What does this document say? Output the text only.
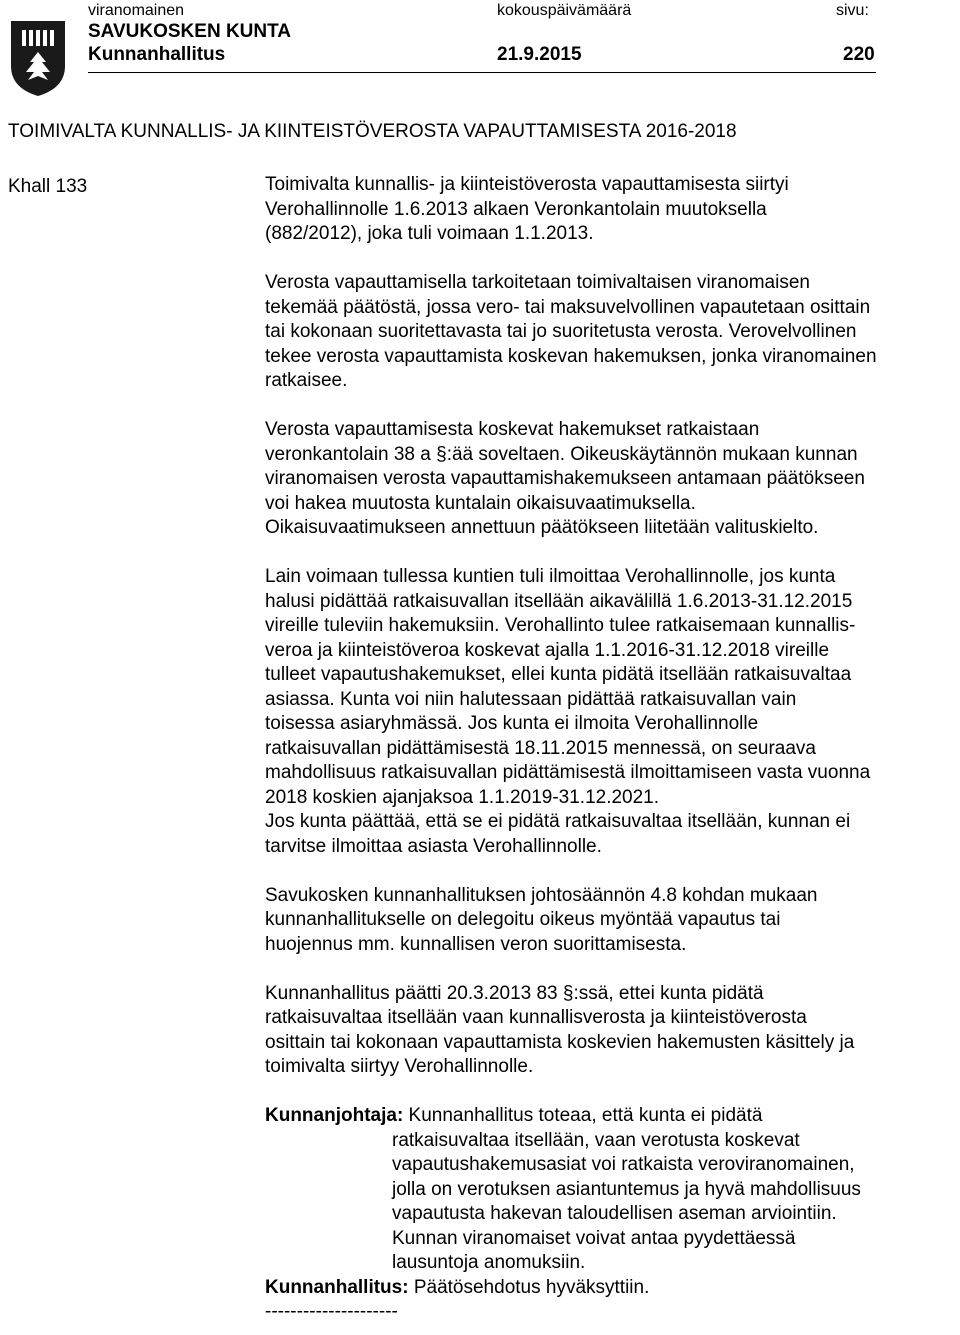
viranomainen	kokouspäivämäärä	sivu:
SAVUKOSKEN KUNTA
Kunnanhallitus	21.9.2015	220
TOIMIVALTA KUNNALLIS- JA KIINTEISTÖVEROSTA VAPAUTTAMISESTA 2016-2018
Khall 133	Toimivalta kunnallis- ja kiinteistöverosta vapauttamisesta siirtyi
Verohallinnolle 1.6.2013 alkaen Veronkantolain muutoksella
(882/2012), joka tuli voimaan 1.1.2013.

Verosta vapauttamisella tarkoitetaan toimivaltaisen viranomaisen
tekemää päätöstä, jossa vero- tai maksuvelvollinen vapautetaan osittain
tai kokonaan suoritettavasta tai jo suoritetusta verosta. Verovelvollinen
tekee verosta vapauttamista koskevan hakemuksen, jonka viranomainen
ratkaisee.

Verosta vapauttamisesta koskevat hakemukset ratkaistaan
veronkantolain 38 a §:ää soveltaen. Oikeuskäytännön mukaan kunnan
viranomaisen verosta vapauttamishakemukseen antamaan päätökseen
voi hakea muutosta kuntalain oikaisuvaatimuksella.
Oikaisuvaatimukseen annettuun päätökseen liitetään valituskielto.

Lain voimaan tullessa kuntien tuli ilmoittaa Verohallinnolle, jos kunta
halusi pidättää ratkaisuvallan itsellään aikavälillä 1.6.2013-31.12.2015
vireille tuleviin hakemuksiin. Verohallinto tulee ratkaisemaan kunnallis-
veroa ja kiinteistöveroa koskevat ajalla 1.1.2016-31.12.2018 vireille
tulleet vapautushakemukset, ellei kunta pidätä itsellään ratkaisuvaltaa
asiassa. Kunta voi niin halutessaan pidättää ratkaisuvallan vain
toisessa asiaryhmässä. Jos kunta ei ilmoita Verohallinnolle
ratkaisuvallan pidättämisestä 18.11.2015 mennessä, on seuraava
mahdollisuus ratkaisuvallan pidättämisestä ilmoittamiseen vasta vuonna
2018 koskien ajanjaksoa 1.1.2019-31.12.2021.
Jos kunta päättää, että se ei pidätä ratkaisuvaltaa itsellään, kunnan ei
tarvitse ilmoittaa asiasta Verohallinnolle.

Savukosken kunnanhallituksen johtosäännön 4.8 kohdan mukaan
kunnanhallitukselle on delegoitu oikeus myöntää vapautus tai
huojennus mm. kunnallisen veron suorittamisesta.

Kunnanhallitus päätti 20.3.2013 83 §:ssä, ettei kunta pidätä
ratkaisuvaltaa itsellään vaan kunnallisverosta ja kiinteistöverosta
osittain tai kokonaan vapauttamista koskevien hakemusten käsittely ja
toimivalta siirtyy Verohallinnolle.

Kunnanjohtaja: Kunnanhallitus toteaa, että kunta ei pidätä
ratkaisuvaltaa itsellään, vaan verotusta koskevat
vapautushakemusasiat voi ratkaista veroviranomainen,
jolla on verotuksen asiantuntemus ja hyvä mahdollisuus
vapautusta hakevan taloudellisen aseman arviointiin.
Kunnan viranomaiset voivat antaa pyydettäessä
lausuntoja anomuksiin.
Kunnanhallitus: Päätösehdotus hyväksyttiin.
---------------------
